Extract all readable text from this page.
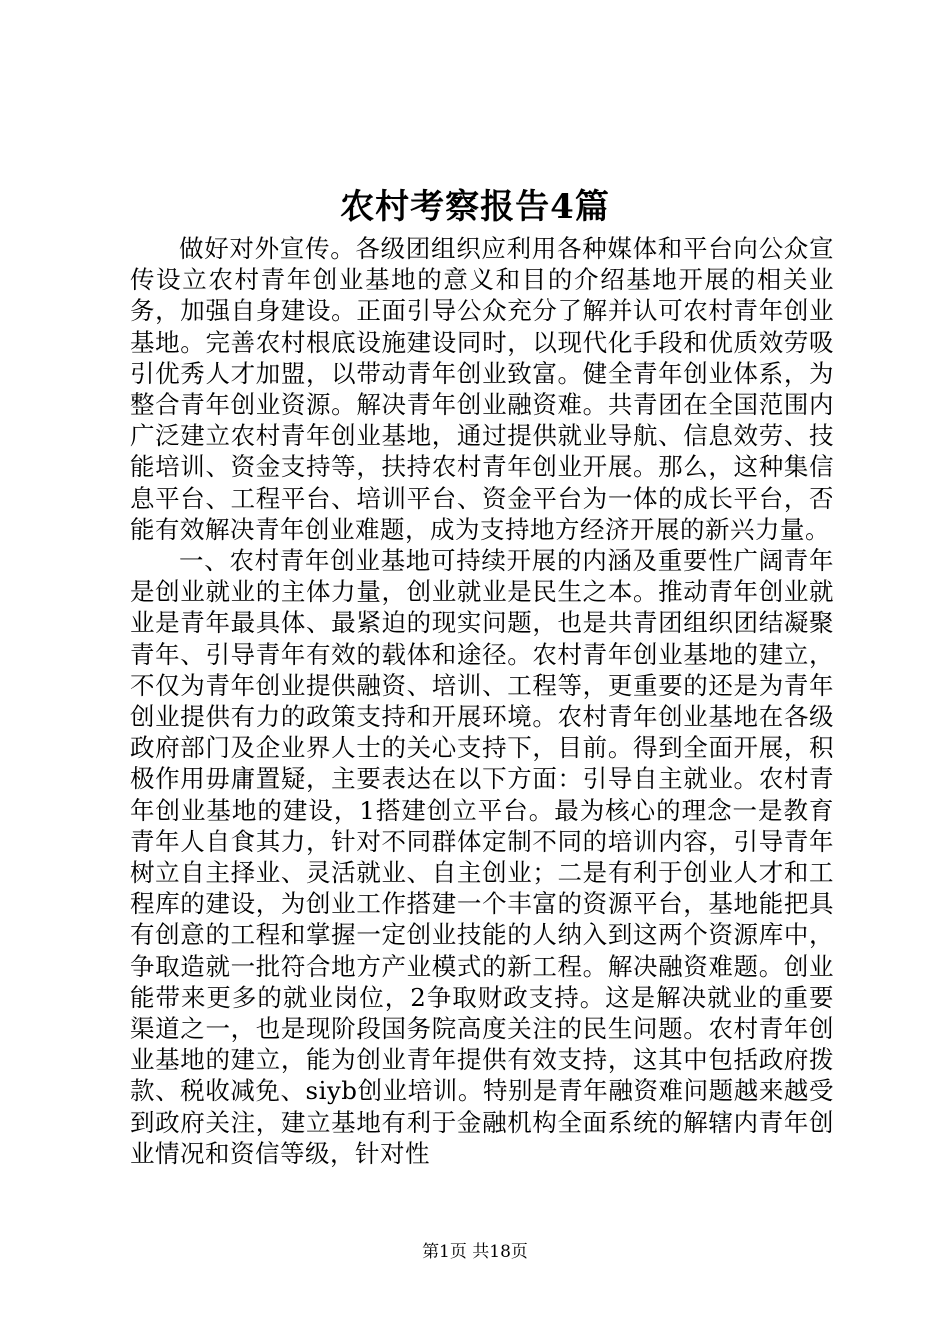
农村考察报告4篇

做好对外宣传。各级团组织应利用各种媒体和平台向公众宣传设立农村青年创业基地的意义和目的介绍基地开展的相关业务，加强自身建设。正面引导公众充分了解并认可农村青年创业基地。完善农村根底设施建设同时，以现代化手段和优质效劳吸引优秀人才加盟，以带动青年创业致富。健全青年创业体系，为整合青年创业资源。解决青年创业融资难。共青团在全国范围内广泛建立农村青年创业基地，通过提供就业导航、信息效劳、技能培训、资金支持等，扶持农村青年创业开展。那么，这种集信息平台、工程平台、培训平台、资金平台为一体的成长平台，否能有效解决青年创业难题，成为支持地方经济开展的新兴力量。

一、农村青年创业基地可持续开展的内涵及重要性广阔青年是创业就业的主体力量，创业就业是民生之本。推动青年创业就业是青年最具体、最紧迫的现实问题，也是共青团组织团结凝聚青年、引导青年有效的载体和途径。农村青年创业基地的建立，不仅为青年创业提供融资、培训、工程等，更重要的还是为青年创业提供有力的政策支持和开展环境。农村青年创业基地在各级政府部门及企业界人士的关心支持下，目前。得到全面开展，积极作用毋庸置疑，主要表达在以下方面：引导自主就业。农村青年创业基地的建设，1搭建创立平台。最为核心的理念一是教育青年人自食其力，针对不同群体定制不同的培训内容，引导青年树立自主择业、灵活就业、自主创业；二是有利于创业人才和工程库的建设，为创业工作搭建一个丰富的资源平台，基地能把具有创意的工程和掌握一定创业技能的人纳入到这两个资源库中，争取造就一批符合地方产业模式的新工程。解决融资难题。创业能带来更多的就业岗位，2争取财政支持。这是解决就业的重要渠道之一，也是现阶段国务院高度关注的民生问题。农村青年创业基地的建立，能为创业青年提供有效支持，这其中包括政府拨款、税收减免、siyb创业培训。特别是青年融资难问题越来越受到政府关注，建立基地有利于金融机构全面系统的解辖内青年创业情况和资信等级，针对性

第1页 共18页
